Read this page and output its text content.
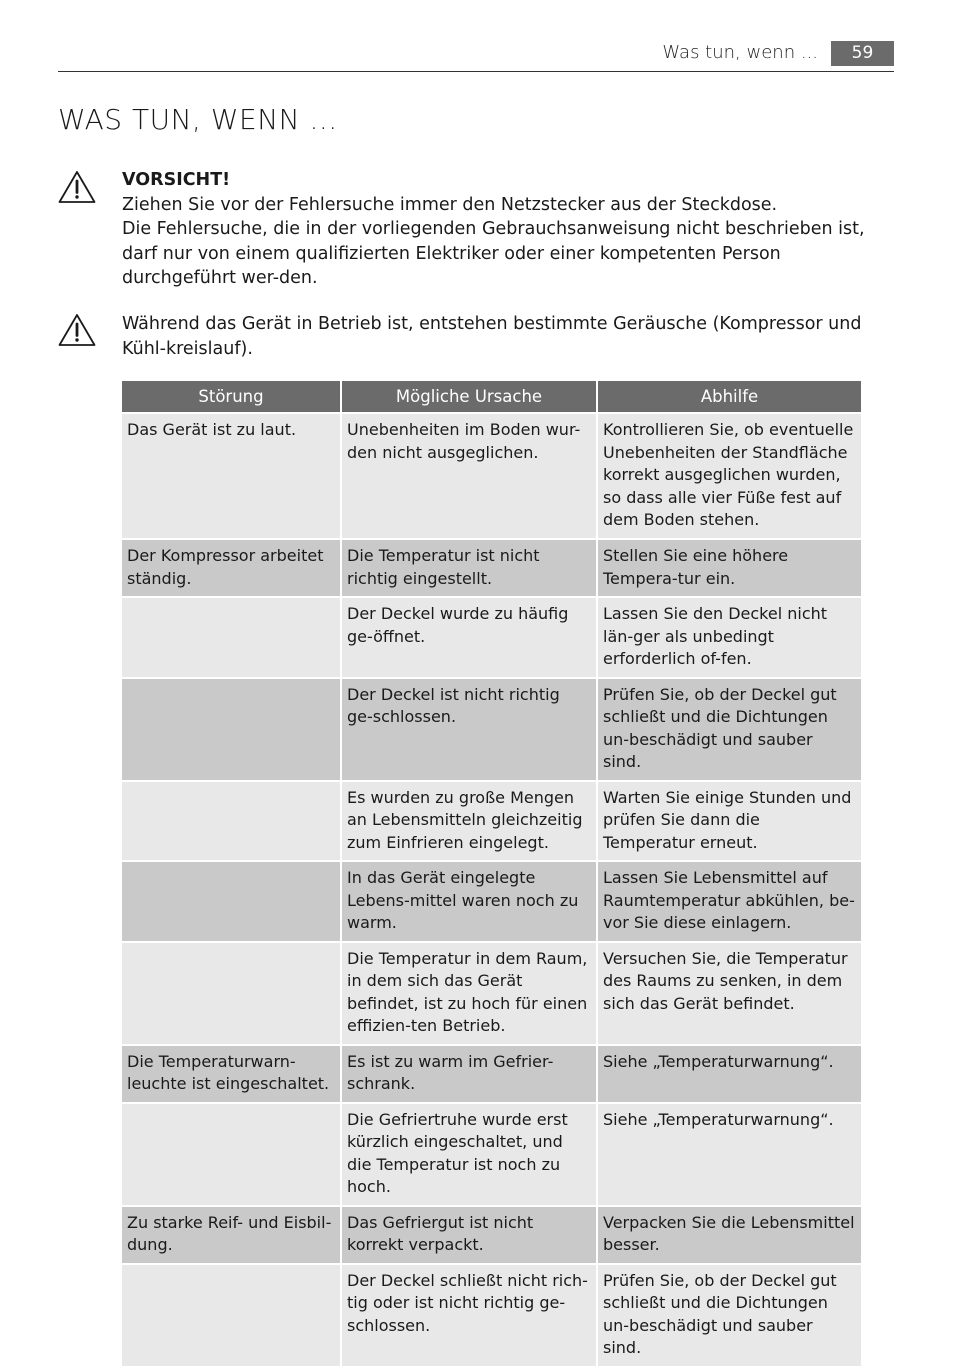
Was tun, wenn ...	59
WAS TUN, WENN ...
VORSICHT!
Ziehen Sie vor der Fehlersuche immer den Netzstecker aus der Steckdose.
Die Fehlersuche, die in der vorliegenden Gebrauchsanweisung nicht beschrieben ist, darf nur von einem qualifizierten Elektriker oder einer kompetenten Person durchgeführt wer-den.
Während das Gerät in Betrieb ist, entstehen bestimmte Geräusche (Kompressor und Kühl-kreislauf).
Störung	Mögliche Ursache	Abhilfe
Das Gerät ist zu laut.	Unebenheiten im Boden wur-den nicht ausgeglichen.	Kontrollieren Sie, ob eventuelle Unebenheiten der Standfläche korrekt ausgeglichen wurden, so dass alle vier Füße fest auf dem Boden stehen.
Der Kompressor arbeitet ständig.	Die Temperatur ist nicht richtig eingestellt.	Stellen Sie eine höhere Tempera-tur ein.
	Der Deckel wurde zu häufig ge-öffnet.	Lassen Sie den Deckel nicht län-ger als unbedingt erforderlich of-fen.
	Der Deckel ist nicht richtig ge-schlossen.	Prüfen Sie, ob der Deckel gut schließt und die Dichtungen un-beschädigt und sauber sind.
	Es wurden zu große Mengen an Lebensmitteln gleichzeitig zum Einfrieren eingelegt.	Warten Sie einige Stunden und prüfen Sie dann die Temperatur erneut.
	In das Gerät eingelegte Lebens-mittel waren noch zu warm.	Lassen Sie Lebensmittel auf Raumtemperatur abkühlen, be-vor Sie diese einlagern.
	Die Temperatur in dem Raum, in dem sich das Gerät befindet, ist zu hoch für einen effizien-ten Betrieb.	Versuchen Sie, die Temperatur des Raums zu senken, in dem sich das Gerät befindet.
Die Temperaturwarn-leuchte ist eingeschaltet.	Es ist zu warm im Gefrier-schrank.	Siehe „Temperaturwarnung“.
	Die Gefriertruhe wurde erst kürzlich eingeschaltet, und die Temperatur ist noch zu hoch.	Siehe „Temperaturwarnung“.
Zu starke Reif- und Eisbil-dung.	Das Gefriergut ist nicht korrekt verpackt.	Verpacken Sie die Lebensmittel besser.
	Der Deckel schließt nicht rich-tig oder ist nicht richtig ge-schlossen.	Prüfen Sie, ob der Deckel gut schließt und die Dichtungen un-beschädigt und sauber sind.
